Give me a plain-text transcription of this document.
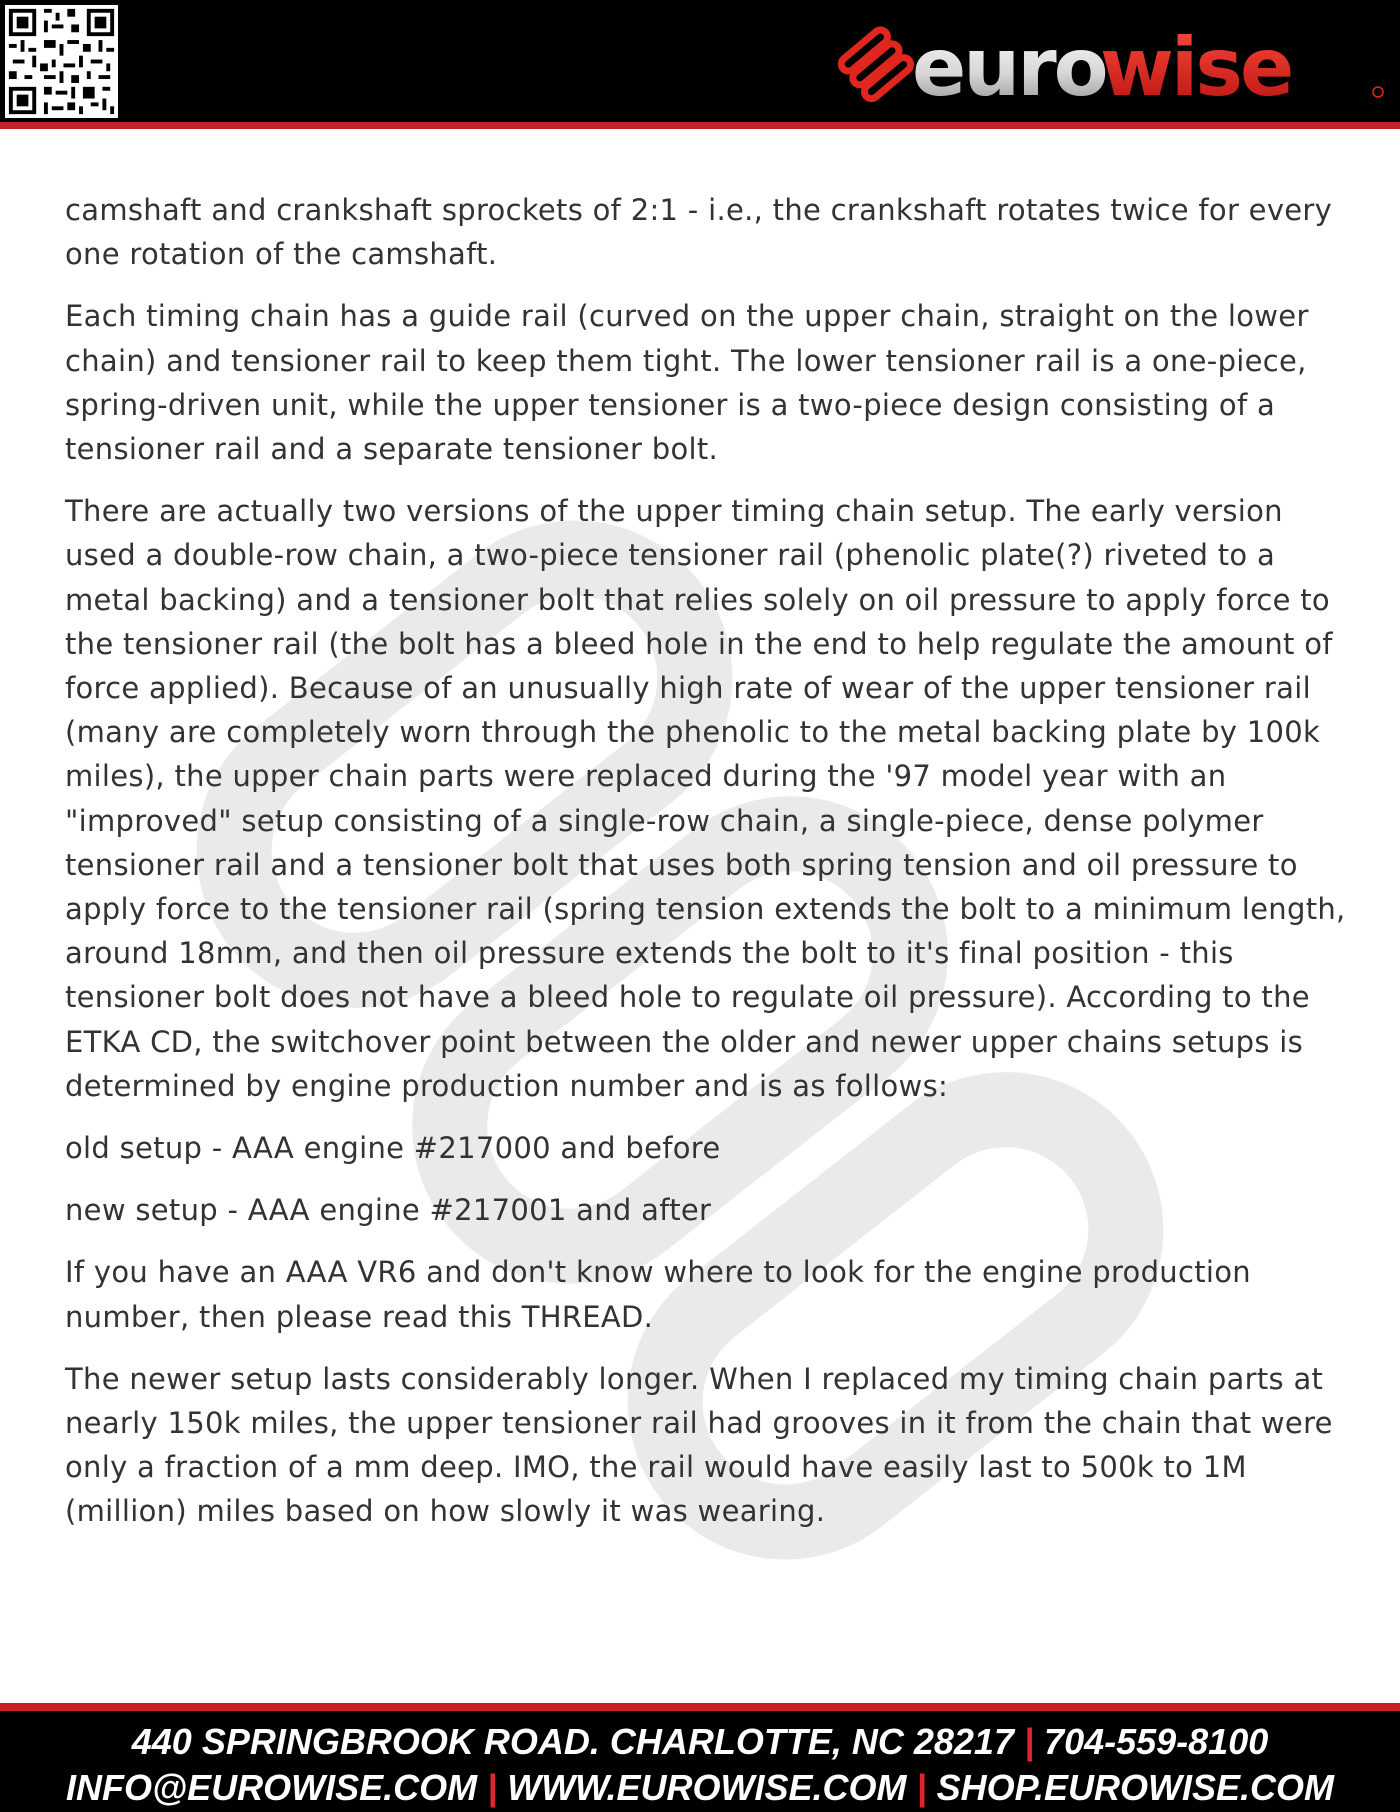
euro
wise

camshaft and crankshaft sprockets of 2:1 - i.e., the crankshaft rotates twice for every one rotation of the camshaft.

Each timing chain has a guide rail (curved on the upper chain, straight on the lower chain) and tensioner rail to keep them tight. The lower tensioner rail is a one-piece, spring-driven unit, while the upper tensioner is a two-piece design consisting of a tensioner rail and a separate tensioner bolt.

There are actually two versions of the upper timing chain setup. The early version used a double-row chain, a two-piece tensioner rail (phenolic plate(?) riveted to a metal backing) and a tensioner bolt that relies solely on oil pressure to apply force to the tensioner rail (the bolt has a bleed hole in the end to help regulate the amount of force applied). Because of an unusually high rate of wear of the upper tensioner rail (many are completely worn through the phenolic to the metal backing plate by 100k miles), the upper chain parts were replaced during the '97 model year with an "improved" setup consisting of a single-row chain, a single-piece, dense polymer tensioner rail and a tensioner bolt that uses both spring tension and oil pressure to apply force to the tensioner rail (spring tension extends the bolt to a minimum length, around 18mm, and then oil pressure extends the bolt to it's final position - this tensioner bolt does not have a bleed hole to regulate oil pressure). According to the ETKA CD, the switchover point between the older and newer upper chains setups is determined by engine production number and is as follows:

old setup - AAA engine #217000 and before

new setup - AAA engine #217001 and after

If you have an AAA VR6 and don't know where to look for the engine production number, then please read this THREAD.

The newer setup lasts considerably longer. When I replaced my timing chain parts at nearly 150k miles, the upper tensioner rail had grooves in it from the chain that were only a fraction of a mm deep. IMO, the rail would have easily last to 500k to 1M (million) miles based on how slowly it was wearing.

440 SPRINGBROOK ROAD. CHARLOTTE, NC 28217 | 704-559-8100
INFO@EUROWISE.COM | WWW.EUROWISE.COM | SHOP.EUROWISE.COM
